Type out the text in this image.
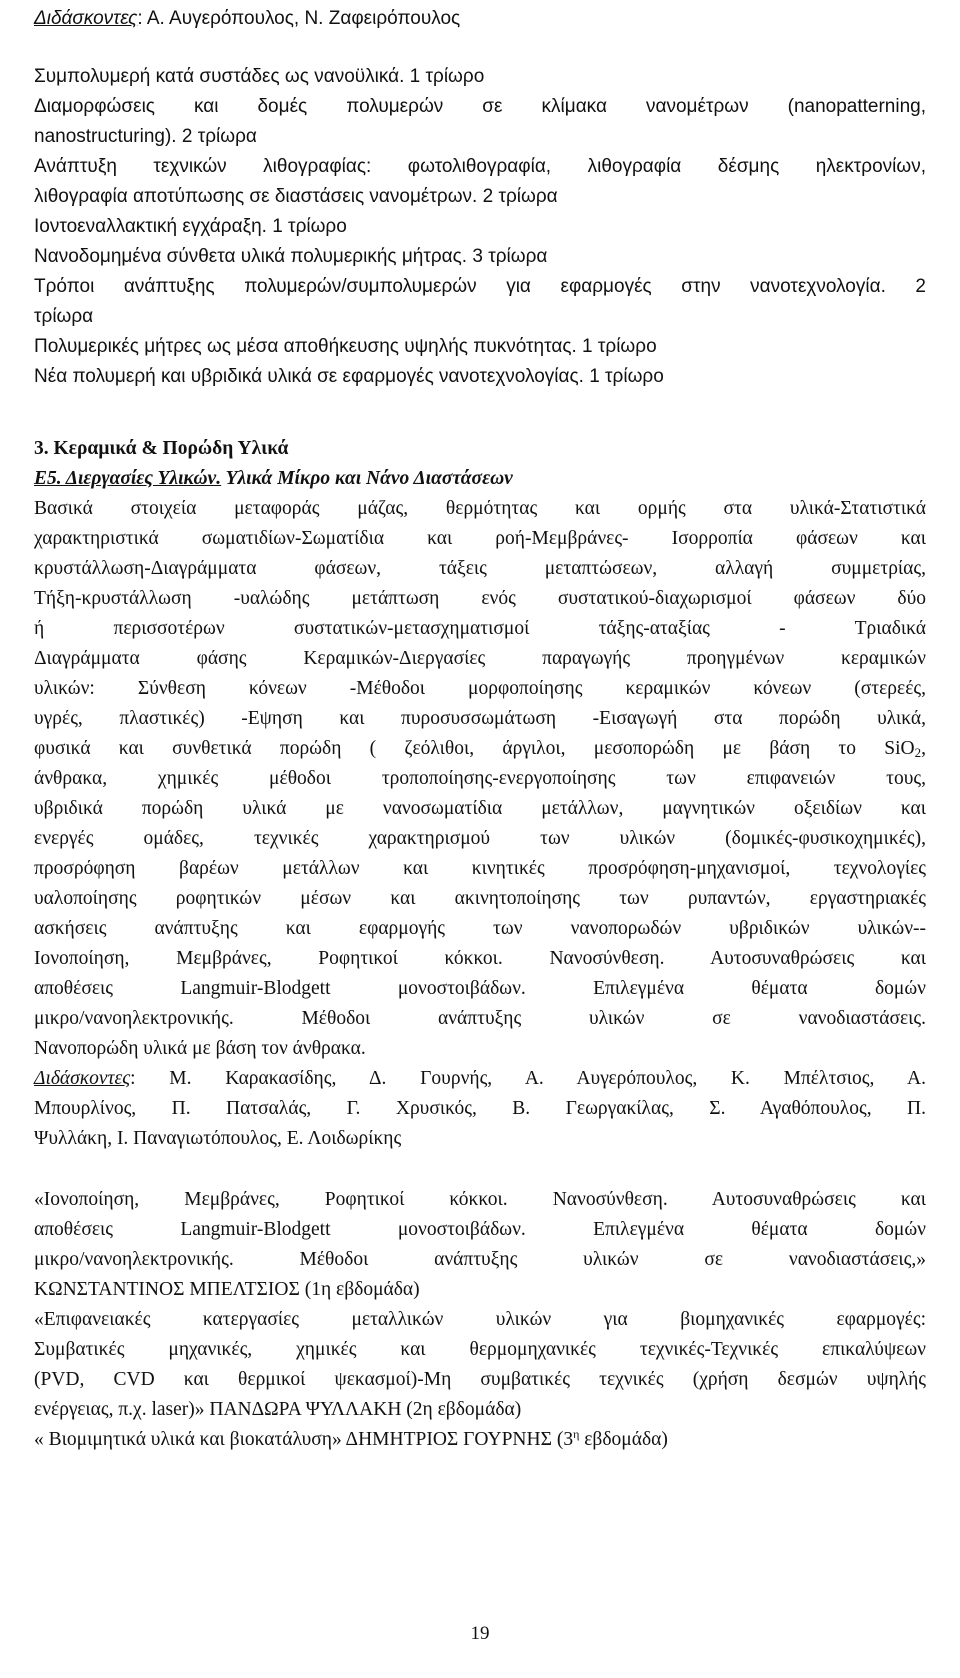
Διδάσκοντες: Α. Αυγερόπουλος, Ν. Ζαφειρόπουλος
Συμπολυμερή κατά συστάδες ως νανοϋλικά. 1 τρίωρο
Διαμορφώσεις και δομές πολυμερών σε κλίμακα νανομέτρων (nanopatterning,
nanostructuring). 2 τρίωρα
Ανάπτυξη τεχνικών λιθογραφίας: φωτολιθογραφία, λιθογραφία δέσμης ηλεκτρονίων,
λιθογραφία αποτύπωσης σε διαστάσεις νανομέτρων. 2 τρίωρα
Ιοντοεναλλακτική εγχάραξη. 1 τρίωρο
Νανοδομημένα σύνθετα υλικά πολυμερικής μήτρας. 3 τρίωρα
Τρόποι ανάπτυξης πολυμερών/συμπολυμερών για εφαρμογές στην νανοτεχνολογία. 2
τρίωρα
Πολυμερικές μήτρες ως μέσα αποθήκευσης υψηλής πυκνότητας. 1 τρίωρο
Νέα πολυμερή και υβριδικά υλικά σε εφαρμογές νανοτεχνολογίας. 1 τρίωρο
3. Κεραμικά & Πορώδη Υλικά
Ε5. Διεργασίες Υλικών. Υλικά Μίκρο και Νάνο Διαστάσεων
Βασικά στοιχεία μεταφοράς μάζας, θερμότητας και ορμής στα υλικά-Στατιστικά
χαρακτηριστικά σωματιδίων-Σωματίδια και ροή-Μεμβράνες- Ισορροπία φάσεων και
κρυστάλλωση-Διαγράμματα φάσεων, τάξεις μεταπτώσεων, αλλαγή συμμετρίας,
Τήξη-κρυστάλλωση -υαλώδης μετάπτωση ενός συστατικού-διαχωρισμοί φάσεων δύο
ή περισσοτέρων συστατικών-μετασχηματισμοί τάξης-αταξίας - Τριαδικά
Διαγράμματα φάσης Κεραμικών-Διεργασίες παραγωγής προηγμένων κεραμικών
υλικών: Σύνθεση κόνεων -Μέθοδοι μορφοποίησης κεραμικών κόνεων (στερεές,
υγρές, πλαστικές) -Εψηση και πυροσυσσωμάτωση -Εισαγωγή στα πορώδη υλικά,
φυσικά και συνθετικά πορώδη ( ζεόλιθοι, άργιλοι, μεσοπορώδη με βάση το SiO$_2$,
άνθρακα, χημικές μέθοδοι τροποποίησης-ενεργοποίησης των επιφανειών τους,
υβριδικά πορώδη υλικά με νανοσωματίδια μετάλλων, μαγνητικών οξειδίων και
ενεργές ομάδες, τεχνικές χαρακτηρισμού των υλικών (δομικές-φυσικοχημικές),
προσρόφηση βαρέων μετάλλων και κινητικές προσρόφηση-μηχανισμοί, τεχνολογίες
υαλοποίησης ροφητικών μέσων και ακινητοποίησης των ρυπαντών, εργαστηριακές
ασκήσεις ανάπτυξης και εφαρμογής των νανοπορωδών υβριδικών υλικών--
Ιονοποίηση, Μεμβράνες, Ροφητικοί κόκκοι. Νανοσύνθεση. Αυτοσυναθρώσεις και
αποθέσεις Langmuir-Blodgett μονοστοιβάδων. Επιλεγμένα θέματα δομών
μικρο/νανοηλεκτρονικής. Μέθοδοι ανάπτυξης υλικών σε νανοδιαστάσεις.
Νανοπορώδη υλικά με βάση τον άνθρακα.
Διδάσκοντες: Μ. Καρακασίδης, Δ. Γουρνής, Α. Αυγερόπουλος, Κ. Μπέλτσιος, Α.
Μπουρλίνος, Π. Πατσαλάς, Γ. Χρυσικός, Β. Γεωργακίλας, Σ. Αγαθόπουλος, Π.
Ψυλλάκη, Ι. Παναγιωτόπουλος, Ε. Λοιδωρίκης
«Ιονοποίηση, Μεμβράνες, Ροφητικοί κόκκοι. Νανοσύνθεση. Αυτοσυναθρώσεις και
αποθέσεις Langmuir-Blodgett μονοστοιβάδων. Επιλεγμένα θέματα δομών
μικρο/νανοηλεκτρονικής. Μέθοδοι ανάπτυξης υλικών σε νανοδιαστάσεις,»
ΚΩΝΣΤΑΝΤΙΝΟΣ ΜΠΕΛΤΣΙΟΣ (1η εβδομάδα)
«Επιφανειακές κατεργασίες μεταλλικών υλικών για βιομηχανικές εφαρμογές:
Συμβατικές μηχανικές, χημικές και θερμομηχανικές τεχνικές-Τεχνικές επικαλύψεων
(PVD, CVD και θερμικοί ψεκασμοί)-Μη συμβατικές τεχνικές (χρήση δεσμών υψηλής
ενέργειας, π.χ. laser)» ΠΑΝΔΩΡΑ ΨΥΛΛΑΚΗ (2η εβδομάδα)
« Βιομιμητικά υλικά και βιοκατάλυση» ΔΗΜΗΤΡΙΟΣ ΓΟΥΡΝΗΣ ($3^\eta$ εβδομάδα)
19
